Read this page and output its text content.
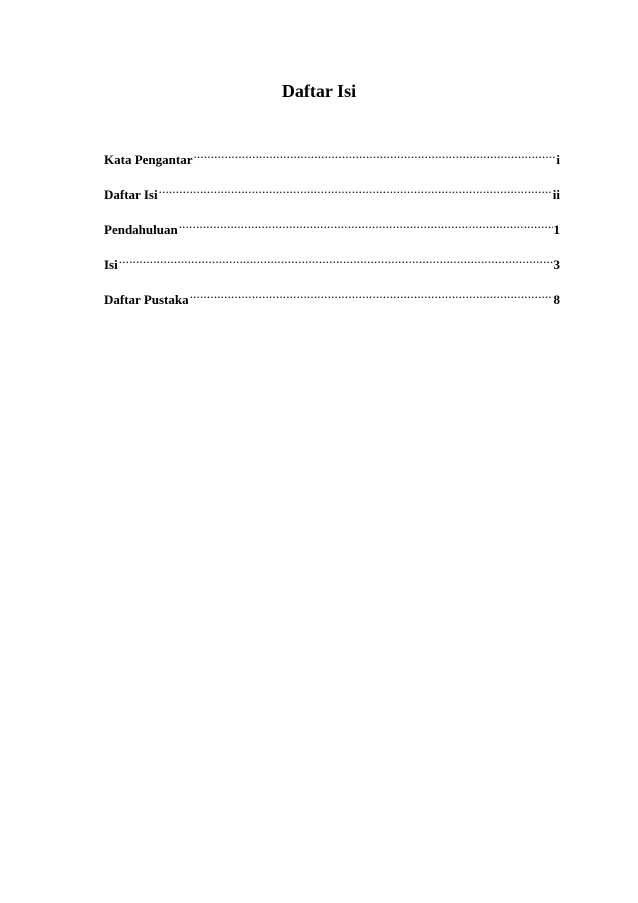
Daftar Isi
Kata Pengantar .....	i
Daftar Isi .....	ii
Pendahuluan .....	1
Isi .....	3
Daftar Pustaka .....	8
